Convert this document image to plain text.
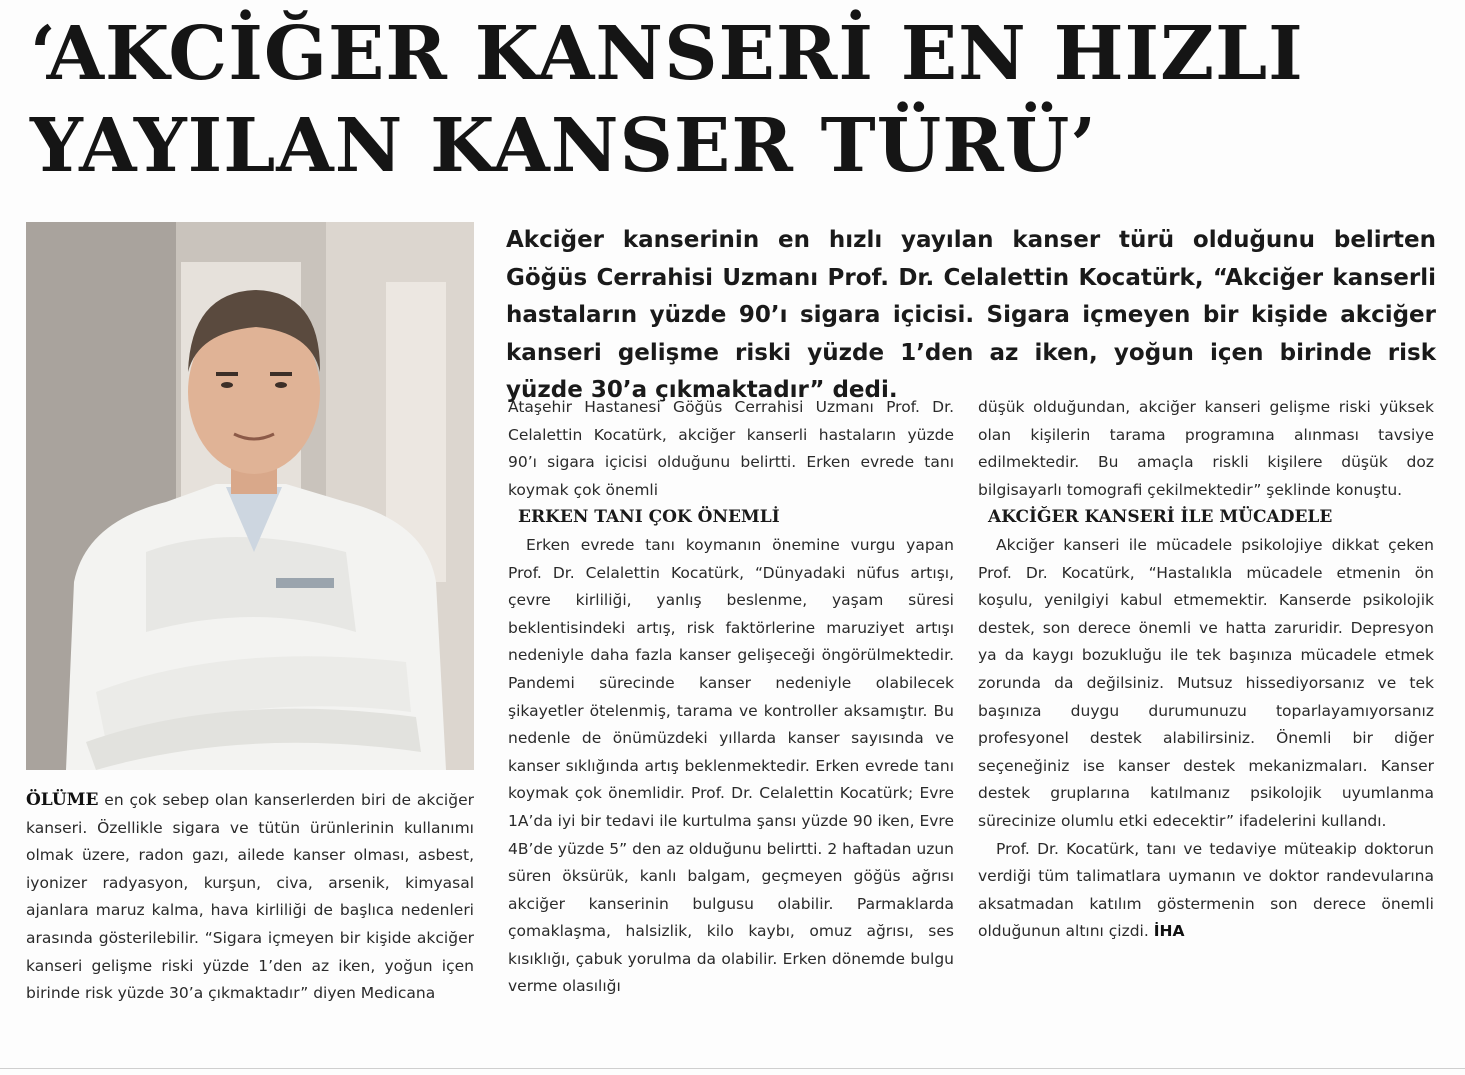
‘AKCİĞER KANSERİ EN HIZLI
YAYILAN KANSER TÜRÜ’

Akciğer kanserinin en hızlı yayılan kanser türü olduğunu belirten Göğüs Cerrahisi Uzmanı Prof. Dr. Celalettin Kocatürk, “Akciğer kanserli hastaların yüzde 90’ı sigara içicisi. Sigara içmeyen bir kişide akciğer kanseri gelişme riski yüzde 1’den az iken, yoğun içen birinde risk yüzde 30’a çıkmaktadır” dedi.

ÖLÜME en çok sebep olan kanserlerden biri de akciğer kanseri. Özellikle sigara ve tütün ürünlerinin kullanımı olmak üzere, radon gazı, ailede kanser olması, asbest, iyonizer radyasyon, kurşun, civa, arsenik, kimyasal ajanlara maruz kalma, hava kirliliği de başlıca nedenleri arasında gösterilebilir. “Sigara içmeyen bir kişide akciğer kanseri gelişme riski yüzde 1’den az iken, yoğun içen birinde risk yüzde 30’a çıkmaktadır” diyen Medicana

Ataşehir Hastanesi Göğüs Cerrahisi Uzmanı Prof. Dr. Celalettin Kocatürk, akciğer kanserli hastaların yüzde 90’ı sigara içicisi olduğunu belirtti. Erken evrede tanı koymak çok önemli

ERKEN TANI ÇOK ÖNEMLİ

Erken evrede tanı koymanın önemine vurgu yapan Prof. Dr. Celalettin Kocatürk, “Dünyadaki nüfus artışı, çevre kirliliği, yanlış beslenme, yaşam süresi beklentisindeki artış, risk faktörlerine maruziyet artışı nedeniyle daha fazla kanser gelişeceği öngörülmektedir. Pandemi sürecinde kanser nedeniyle olabilecek şikayetler ötelenmiş, tarama ve kontroller aksamıştır. Bu nedenle de önümüzdeki yıllarda kanser sayısında ve kanser sıklığında artış beklenmektedir. Erken evrede tanı koymak çok önemlidir. Prof. Dr. Celalettin Kocatürk; Evre 1A’da iyi bir tedavi ile kurtulma şansı yüzde 90 iken, Evre 4B’de yüzde 5” den az olduğunu belirtti. 2 haftadan uzun süren öksürük, kanlı balgam, geçmeyen göğüs ağrısı akciğer kanserinin bulgusu olabilir. Parmaklarda çomaklaşma, halsizlik, kilo kaybı, omuz ağrısı, ses kısıklığı, çabuk yorulma da olabilir. Erken dönemde bulgu verme olasılığı

düşük olduğundan, akciğer kanseri gelişme riski yüksek olan kişilerin tarama programına alınması tavsiye edilmektedir. Bu amaçla riskli kişilere düşük doz bilgisayarlı tomografi çekilmektedir” şeklinde konuştu.

AKCİĞER KANSERİ İLE MÜCADELE

Akciğer kanseri ile mücadele psikolojiye dikkat çeken Prof. Dr. Kocatürk, “Hastalıkla mücadele etmenin ön koşulu, yenilgiyi kabul etmemektir. Kanserde psikolojik destek, son derece önemli ve hatta zaruridir. Depresyon ya da kaygı bozukluğu ile tek başınıza mücadele etmek zorunda da değilsiniz. Mutsuz hissediyorsanız ve tek başınıza duygu durumunuzu toparlayamıyorsanız profesyonel destek alabilirsiniz. Önemli bir diğer seçeneğiniz ise kanser destek mekanizmaları. Kanser destek gruplarına katılmanız psikolojik uyumlanma sürecinize olumlu etki edecektir” ifadelerini kullandı.

Prof. Dr. Kocatürk, tanı ve tedaviye müteakip doktorun verdiği tüm talimatlara uymanın ve doktor randevularına aksatmadan katılım göstermenin son derece önemli olduğunun altını çizdi. İHA
